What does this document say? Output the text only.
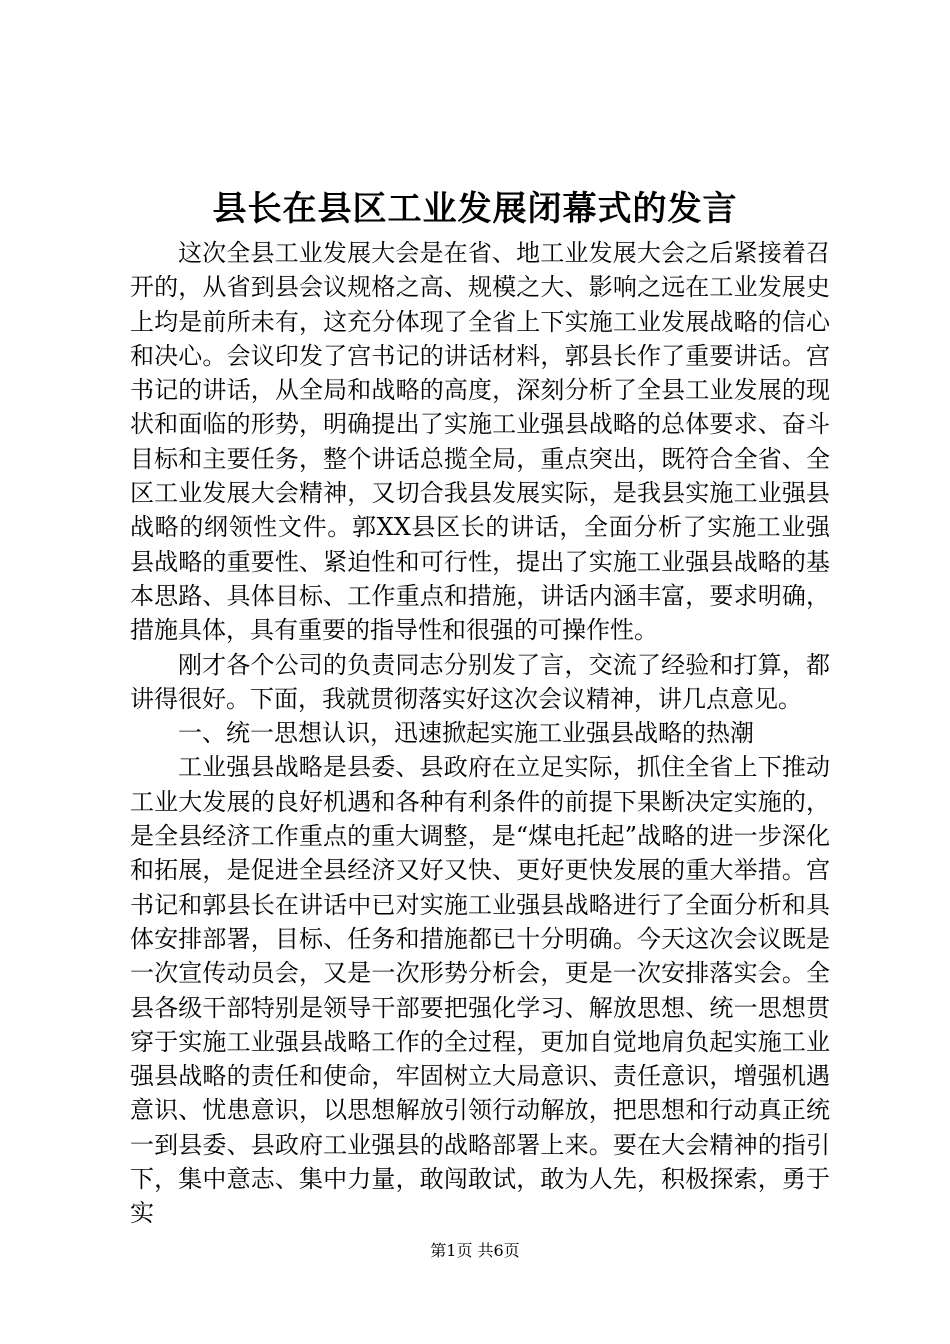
县长在县区工业发展闭幕式的发言

这次全县工业发展大会是在省、地工业发展大会之后紧接着召开的，从省到县会议规格之高、规模之大、影响之远在工业发展史上均是前所未有，这充分体现了全省上下实施工业发展战略的信心和决心。会议印发了宫书记的讲话材料，郭县长作了重要讲话。宫书记的讲话，从全局和战略的高度，深刻分析了全县工业发展的现状和面临的形势，明确提出了实施工业强县战略的总体要求、奋斗目标和主要任务，整个讲话总揽全局，重点突出，既符合全省、全区工业发展大会精神，又切合我县发展实际，是我县实施工业强县战略的纲领性文件。郭XX县区长的讲话，全面分析了实施工业强县战略的重要性、紧迫性和可行性，提出了实施工业强县战略的基本思路、具体目标、工作重点和措施，讲话内涵丰富，要求明确，措施具体，具有重要的指导性和很强的可操作性。

刚才各个公司的负责同志分别发了言，交流了经验和打算，都讲得很好。下面，我就贯彻落实好这次会议精神，讲几点意见。

一、统一思想认识，迅速掀起实施工业强县战略的热潮

工业强县战略是县委、县政府在立足实际，抓住全省上下推动工业大发展的良好机遇和各种有利条件的前提下果断决定实施的，是全县经济工作重点的重大调整，是“煤电托起”战略的进一步深化和拓展，是促进全县经济又好又快、更好更快发展的重大举措。宫书记和郭县长在讲话中已对实施工业强县战略进行了全面分析和具体安排部署，目标、任务和措施都已十分明确。今天这次会议既是一次宣传动员会，又是一次形势分析会，更是一次安排落实会。全县各级干部特别是领导干部要把强化学习、解放思想、统一思想贯穿于实施工业强县战略工作的全过程，更加自觉地肩负起实施工业强县战略的责任和使命，牢固树立大局意识、责任意识，增强机遇意识、忧患意识，以思想解放引领行动解放，把思想和行动真正统一到县委、县政府工业强县的战略部署上来。要在大会精神的指引下，集中意志、集中力量，敢闯敢试，敢为人先，积极探索，勇于实

第1页 共6页
